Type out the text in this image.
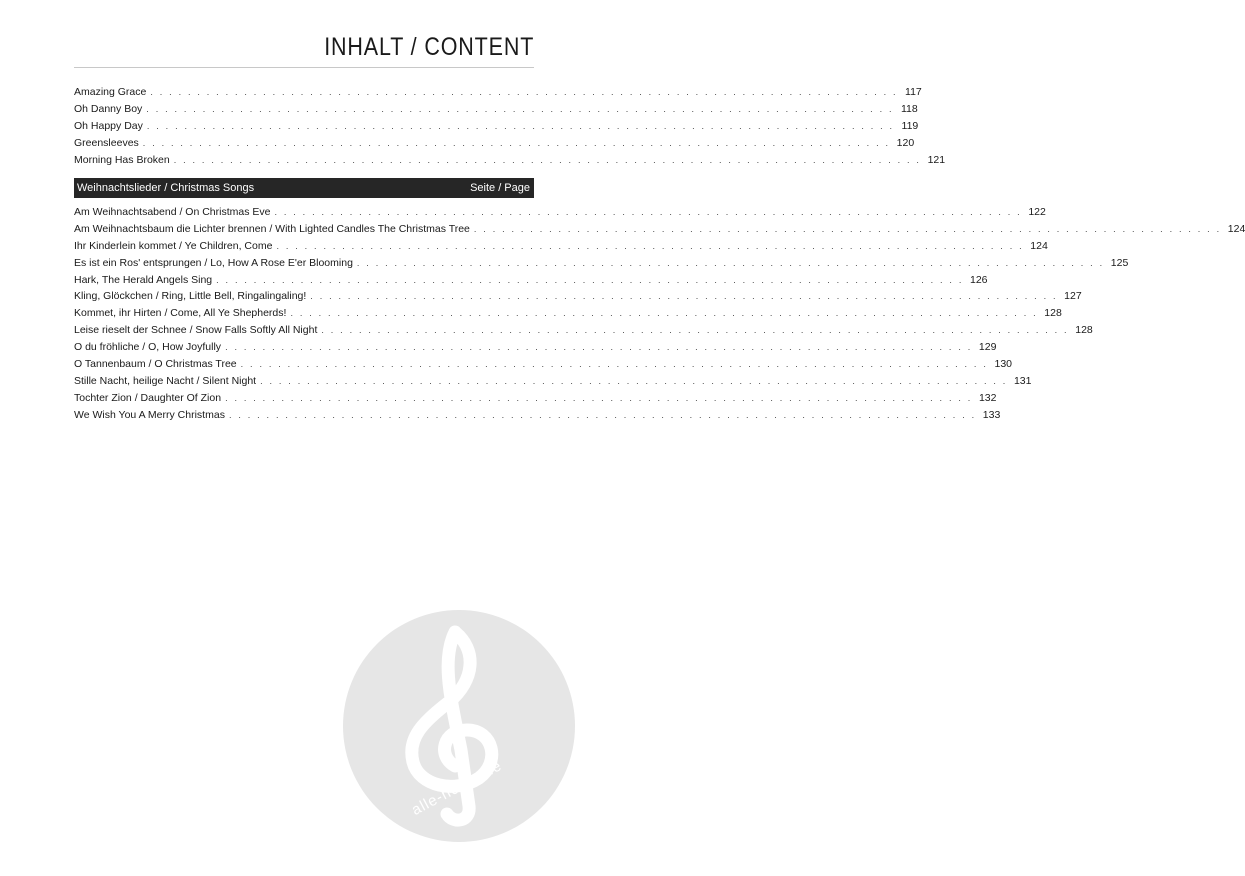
INHALT / CONTENT
Amazing Grace . . . . . . . . . . . . . . . . . . . . . . . . . . . . . . . . . . . . . . . . . . . . . . . . . . . . . . . . . . . . . . . . . . . . . . . . . . . . . . . . 117
Oh Danny Boy . . . . . . . . . . . . . . . . . . . . . . . . . . . . . . . . . . . . . . . . . . . . . . . . . . . . . . . . . . . . . . . . . . . . . . . . . . . . . . . . 118
Oh Happy Day . . . . . . . . . . . . . . . . . . . . . . . . . . . . . . . . . . . . . . . . . . . . . . . . . . . . . . . . . . . . . . . . . . . . . . . . . . . . . . . . 119
Greensleeves . . . . . . . . . . . . . . . . . . . . . . . . . . . . . . . . . . . . . . . . . . . . . . . . . . . . . . . . . . . . . . . . . . . . . . . . . . . . . . . . 120
Morning Has Broken . . . . . . . . . . . . . . . . . . . . . . . . . . . . . . . . . . . . . . . . . . . . . . . . . . . . . . . . . . . . . . . . . . . . . . . . . . . . . . . . 121
Weihnachtslieder / Christmas Songs	Seite / Page
Am Weihnachtsabend / On Christmas Eve . . . . . . . . . . . . . . . . . . . . . . . . . . . . . . . . . . . . . . . . . . . . . . . . . . . . . . . . . . . . . . . . . . . . . . . . . . . . . . . . 122
Am Weihnachtsbaum die Lichter brennen / With Lighted Candles The Christmas Tree . . . . . . . . . . . . . . . . . . . . . . . . . . . . . . . . . . . . . . . . . . . . . . . . . . . . . . . . . . . . . . . . . . . . . . . . . . . . . . . . 124
Ihr Kinderlein kommet / Ye Children, Come . . . . . . . . . . . . . . . . . . . . . . . . . . . . . . . . . . . . . . . . . . . . . . . . . . . . . . . . . . . . . . . . . . . . . . . . . . . . . . . . 124
Es ist ein Ros' entsprungen / Lo, How A Rose E'er Blooming . . . . . . . . . . . . . . . . . . . . . . . . . . . . . . . . . . . . . . . . . . . . . . . . . . . . . . . . . . . . . . . . . . . . . . . . . . . . . . . . 125
Hark, The Herald Angels Sing . . . . . . . . . . . . . . . . . . . . . . . . . . . . . . . . . . . . . . . . . . . . . . . . . . . . . . . . . . . . . . . . . . . . . . . . . . . . . . . . 126
Kling, Glöckchen / Ring, Little Bell, Ringalingaling! . . . . . . . . . . . . . . . . . . . . . . . . . . . . . . . . . . . . . . . . . . . . . . . . . . . . . . . . . . . . . . . . . . . . . . . . . . . . . . . . 127
Kommet, ihr Hirten / Come, All Ye Shepherds! . . . . . . . . . . . . . . . . . . . . . . . . . . . . . . . . . . . . . . . . . . . . . . . . . . . . . . . . . . . . . . . . . . . . . . . . . . . . . . . . 128
Leise rieselt der Schnee / Snow Falls Softly All Night . . . . . . . . . . . . . . . . . . . . . . . . . . . . . . . . . . . . . . . . . . . . . . . . . . . . . . . . . . . . . . . . . . . . . . . . . . . . . . . . 128
O du fröhliche / O, How Joyfully . . . . . . . . . . . . . . . . . . . . . . . . . . . . . . . . . . . . . . . . . . . . . . . . . . . . . . . . . . . . . . . . . . . . . . . . . . . . . . . . 129
O Tannenbaum / O Christmas Tree . . . . . . . . . . . . . . . . . . . . . . . . . . . . . . . . . . . . . . . . . . . . . . . . . . . . . . . . . . . . . . . . . . . . . . . . . . . . . . . . 130
Stille Nacht, heilige Nacht / Silent Night . . . . . . . . . . . . . . . . . . . . . . . . . . . . . . . . . . . . . . . . . . . . . . . . . . . . . . . . . . . . . . . . . . . . . . . . . . . . . . . . 131
Tochter Zion / Daughter Of Zion . . . . . . . . . . . . . . . . . . . . . . . . . . . . . . . . . . . . . . . . . . . . . . . . . . . . . . . . . . . . . . . . . . . . . . . . . . . . . . . . 132
We Wish You A Merry Christmas . . . . . . . . . . . . . . . . . . . . . . . . . . . . . . . . . . . . . . . . . . . . . . . . . . . . . . . . . . . . . . . . . . . . . . . . . . . . . . . . 133
alle-noten.de
